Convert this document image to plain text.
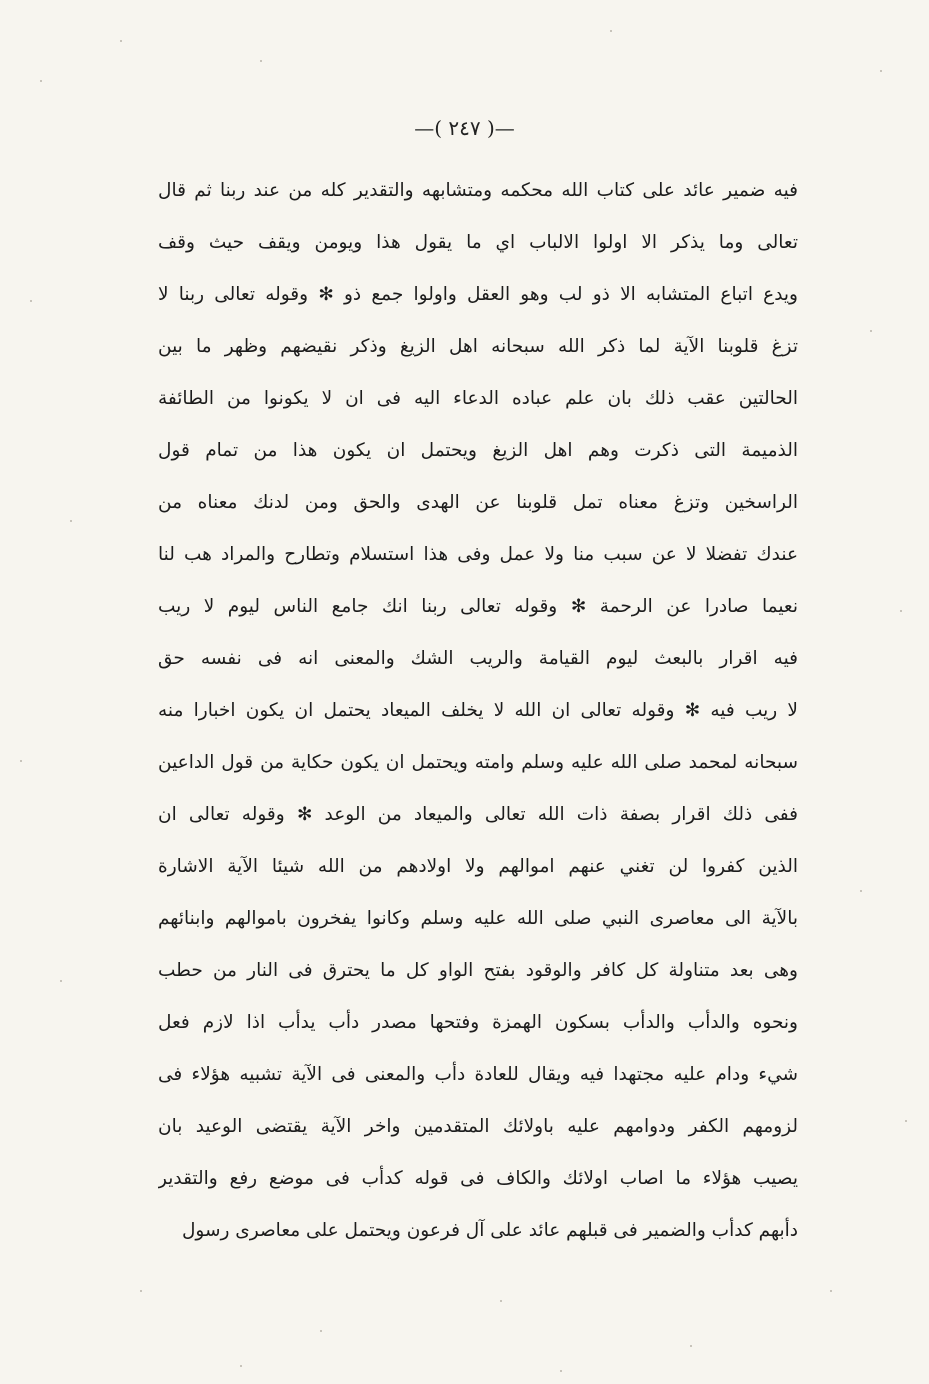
—( ٢٤٧ )—
فيه ضمير عائد على كتاب الله محكمه ومتشابهه والتقدير كله من عند ربنا ثم قال
تعالى وما يذكر الا اولوا الالباب اي ما يقول هذا ويومن ويقف حيث وقف
ويدع اتباع المتشابه الا ذو لب وهو العقل واولوا جمع ذو ✻ وقوله تعالى ربنا لا
تزغ قلوبنا الآية لما ذكر الله سبحانه اهل الزيغ وذكر نقيضهم وظهر ما بين
الحالتين عقب ذلك بان علم عباده الدعاء اليه فى ان لا يكونوا من الطائفة
الذميمة التى ذكرت وهم اهل الزيغ ويحتمل ان يكون هذا من تمام قول
الراسخين وتزغ معناه تمل قلوبنا عن الهدى والحق ومن لدنك معناه من
عندك تفضلا لا عن سبب منا ولا عمل وفى هذا استسلام وتطارح والمراد هب لنا
نعيما صادرا عن الرحمة ✻ وقوله تعالى ربنا انك جامع الناس ليوم لا ريب
فيه اقرار بالبعث ليوم القيامة والريب الشك والمعنى انه فى نفسه حق
لا ريب فيه ✻ وقوله تعالى ان الله لا يخلف الميعاد يحتمل ان يكون اخبارا منه
سبحانه لمحمد صلى الله عليه وسلم وامته ويحتمل ان يكون حكاية من قول الداعين
ففى ذلك اقرار بصفة ذات الله تعالى والميعاد من الوعد ✻ وقوله تعالى ان
الذين كفروا لن تغني عنهم اموالهم ولا اولادهم من الله شيئا الآية الاشارة
بالآية الى معاصرى النبي صلى الله عليه وسلم وكانوا يفخرون باموالهم وابنائهم
وهى بعد متناولة كل كافر والوقود بفتح الواو كل ما يحترق فى النار من حطب
ونحوه والدأب والدأب بسكون الهمزة وفتحها مصدر دأب يدأب اذا لازم فعل
شيء ودام عليه مجتهدا فيه ويقال للعادة دأب والمعنى فى الآية تشبيه هؤلاء فى
لزومهم الكفر ودوامهم عليه باولائك المتقدمين واخر الآية يقتضى الوعيد بان
يصيب هؤلاء ما اصاب اولائك والكاف فى قوله كدأب فى موضع رفع والتقدير
دأبهم كدأب والضمير فى قبلهم عائد على آل فرعون ويحتمل على معاصرى رسول
